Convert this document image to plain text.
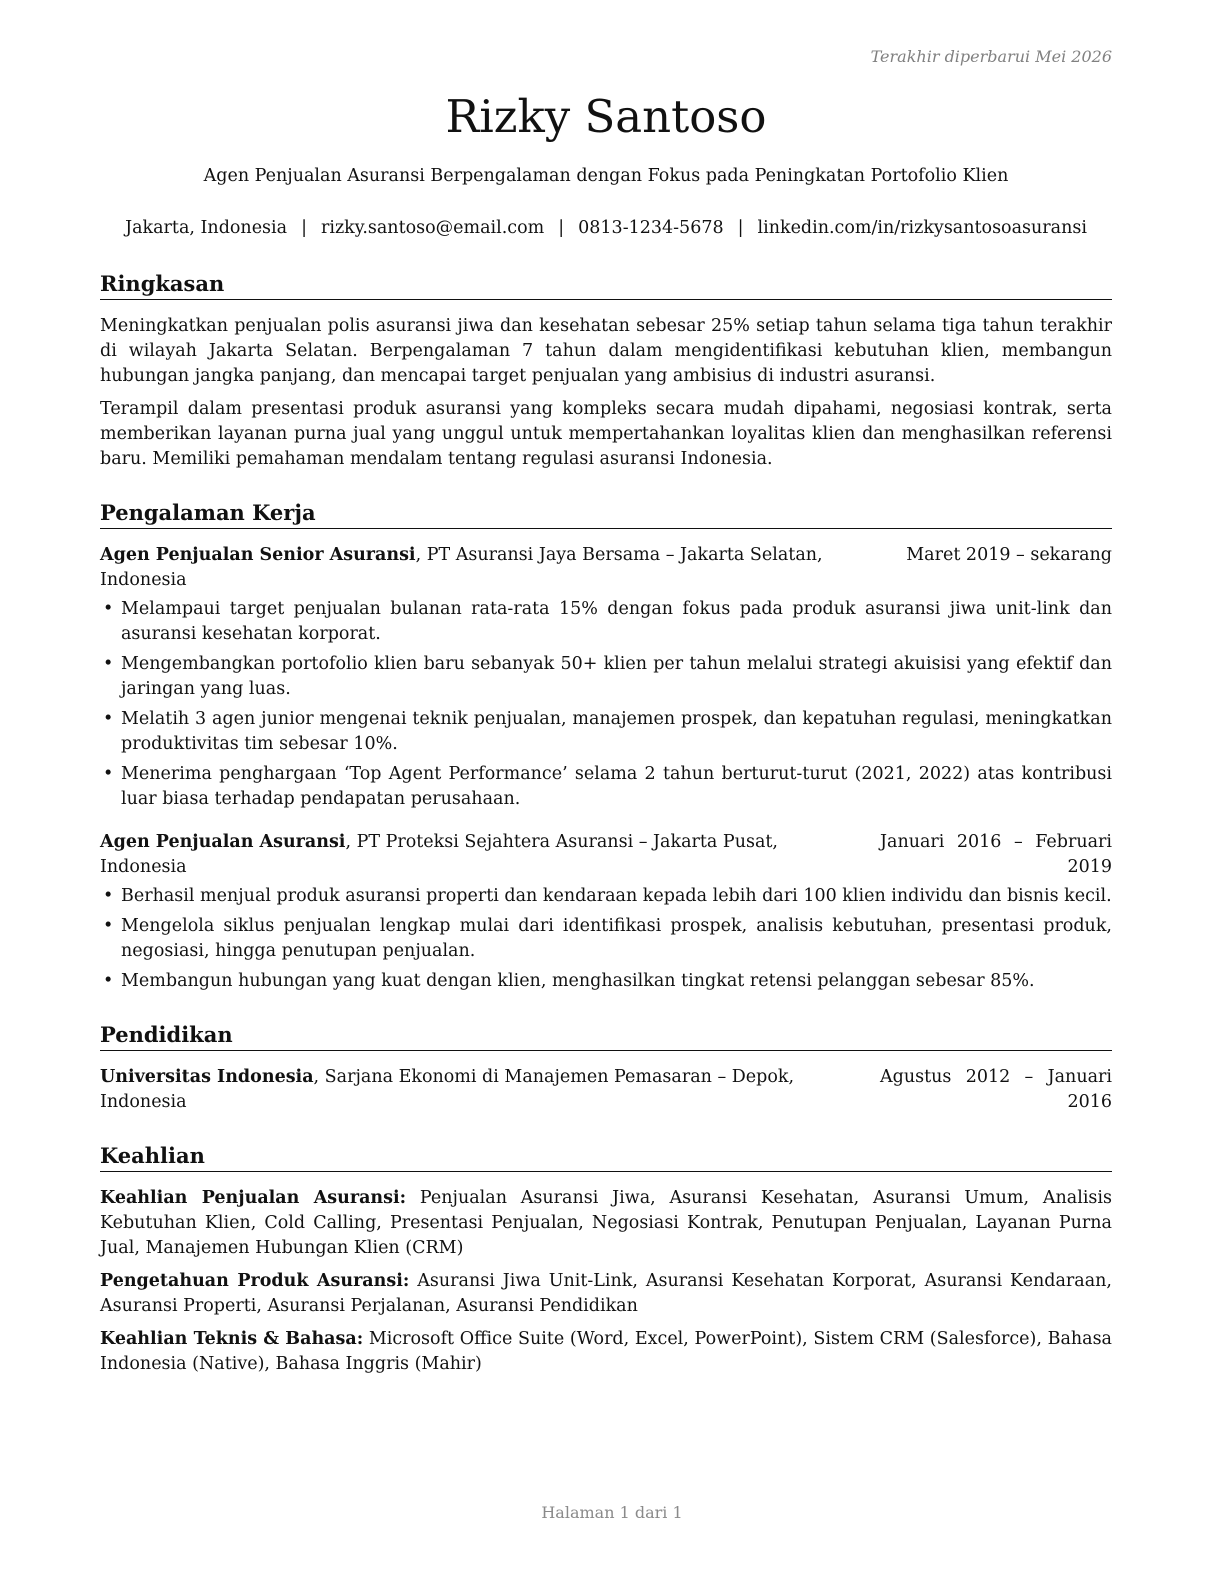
Terakhir diperbarui Mei 2026
Rizky Santoso
Agen Penjualan Asuransi Berpengalaman dengan Fokus pada Peningkatan Portofolio Klien
Jakarta, Indonesia | rizky.santoso@email.com | 0813-1234-5678 | linkedin.com/in/rizkysantosoasuransi
Ringkasan

Meningkatkan penjualan polis asuransi jiwa dan kesehatan sebesar 25% setiap tahun selama tiga tahun terakhir di wilayah Jakarta Selatan. Berpengalaman 7 tahun dalam mengidentifikasi kebutuhan klien, membangun hubungan jangka panjang, dan mencapai target penjualan yang ambisius di industri asuransi.

Terampil dalam presentasi produk asuransi yang kompleks secara mudah dipahami, negosiasi kontrak, serta memberikan layanan purna jual yang unggul untuk mempertahankan loyalitas klien dan menghasilkan referensi baru. Memiliki pemahaman mendalam tentang regulasi asuransi Indonesia.

Pengalaman Kerja
Agen Penjualan Senior Asuransi, PT Asuransi Jaya Bersama – Jakarta Selatan, Indonesia
Maret 2019 – sekarang
• Melampaui target penjualan bulanan rata-rata 15% dengan fokus pada produk asuransi jiwa unit-link dan asuransi kesehatan korporat.
• Mengembangkan portofolio klien baru sebanyak 50+ klien per tahun melalui strategi akuisisi yang efektif dan jaringan yang luas.
• Melatih 3 agen junior mengenai teknik penjualan, manajemen prospek, dan kepatuhan regulasi, meningkatkan produktivitas tim sebesar 10%.
• Menerima penghargaan ‘Top Agent Performance’ selama 2 tahun berturut-turut (2021, 2022) atas kontribusi luar biasa terhadap pendapatan perusahaan.
Agen Penjualan Asuransi, PT Proteksi Sejahtera Asuransi – Jakarta Pusat, Indonesia
Januari 2016 – Februari 2019
• Berhasil menjual produk asuransi properti dan kendaraan kepada lebih dari 100 klien individu dan bisnis kecil.
• Mengelola siklus penjualan lengkap mulai dari identifikasi prospek, analisis kebutuhan, presentasi produk, negosiasi, hingga penutupan penjualan.
• Membangun hubungan yang kuat dengan klien, menghasilkan tingkat retensi pelanggan sebesar 85%.
Pendidikan
Universitas Indonesia, Sarjana Ekonomi di Manajemen Pemasaran – Depok, Indonesia
Agustus 2012 – Januari 2016
Keahlian

Keahlian Penjualan Asuransi: Penjualan Asuransi Jiwa, Asuransi Kesehatan, Asuransi Umum, Analisis Kebutuhan Klien, Cold Calling, Presentasi Penjualan, Negosiasi Kontrak, Penutupan Penjualan, Layanan Purna Jual, Manajemen Hubungan Klien (CRM)

Pengetahuan Produk Asuransi: Asuransi Jiwa Unit-Link, Asuransi Kesehatan Korporat, Asuransi Kendaraan, Asuransi Properti, Asuransi Perjalanan, Asuransi Pendidikan

Keahlian Teknis & Bahasa: Microsoft Office Suite (Word, Excel, PowerPoint), Sistem CRM (Salesforce), Bahasa Indonesia (Native), Bahasa Inggris (Mahir)

Halaman 1 dari 1
